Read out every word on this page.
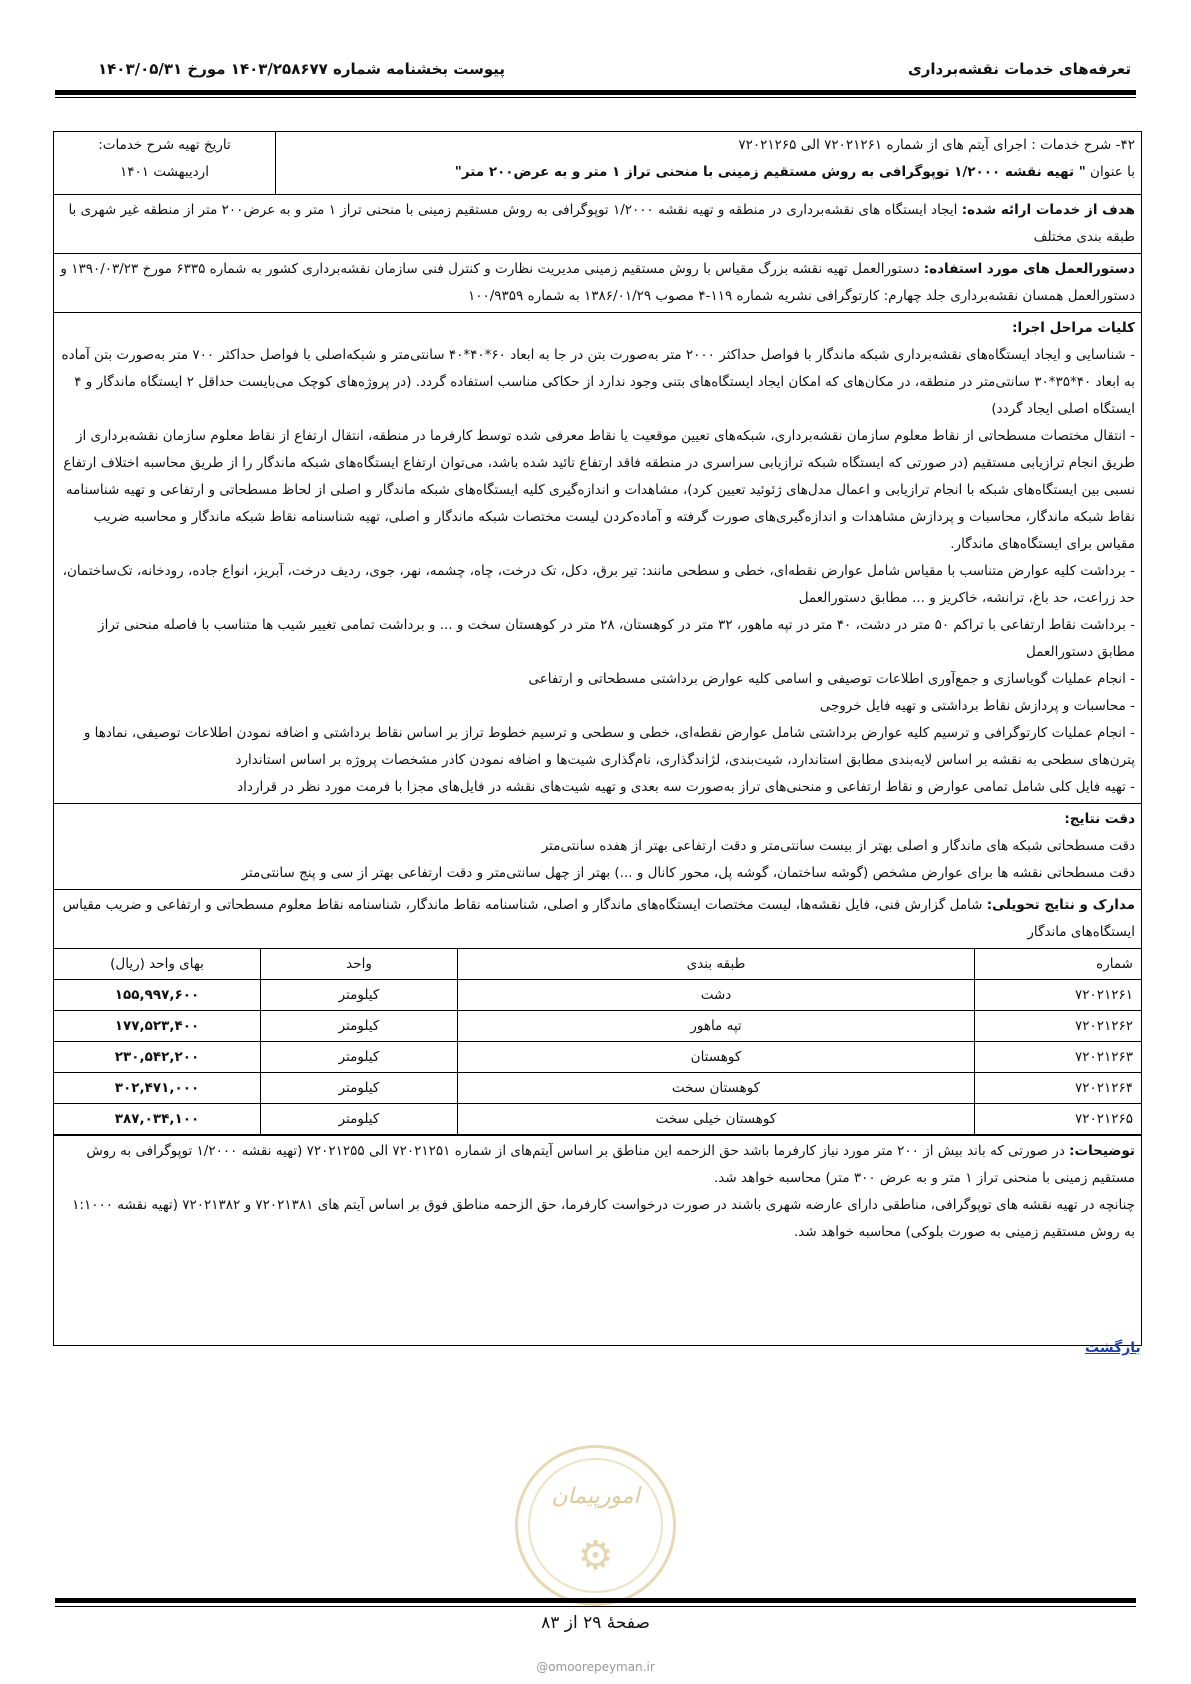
تعرفه‌های خدمات نقشه‌برداری
پیوست بخشنامه شماره ۱۴۰۳/۲۵۸۶۷۷ مورخ ۱۴۰۳/۰۵/۳۱
۴۲- شرح خدمات : اجرای آیتم های از شماره ۷۲۰۲۱۲۶۱ الی ۷۲۰۲۱۲۶۵
با عنوان " تهیه نقشه ۱/۲۰۰۰ توپوگرافی به روش مستقیم زمینی با منحنی تراز ۱ متر و به عرض۲۰۰ متر"
تاریخ تهیه شرح خدمات:
اردیبهشت ۱۴۰۱
هدف از خدمات ارائه شده: ایجاد ایستگاه های نقشه‌برداری در منطقه و تهیه نقشه ۱/۲۰۰۰ توپوگرافی به روش مستقیم زمینی با منحنی تراز ۱ متر و به عرض۲۰۰ متر از منطقه غیر شهری با طبقه بندی مختلف
دستورالعمل های مورد استفاده: دستورالعمل تهیه نقشه بزرگ مقیاس با روش مستقیم زمینی مدیریت نظارت و کنترل فنی سازمان نقشه‌برداری کشور به شماره ۶۳۳۵ مورخ ۱۳۹۰/۰۳/۲۳ و دستورالعمل همسان نقشه‌برداری جلد چهارم: کارتوگرافی نشریه شماره ۱۱۹-۴ مصوب ۱۳۸۶/۰۱/۲۹ به شماره ۱۰۰/۹۳۵۹
کلیات مراحل اجرا:
- شناسایی و ایجاد ایستگاه‌های نقشه‌برداری شبکه ماندگار با فواصل حداکثر ۲۰۰۰ متر به‌صورت بتن در جا به ابعاد ۶۰*۴۰*۴۰ سانتی‌متر و شبکه‌اصلی با فواصل حداکثر ۷۰۰ متر به‌صورت بتن آماده به ابعاد ۴۰*۳۵*۳۰ سانتی‌متر در منطقه، در مکان‌های که امکان ایجاد ایستگاه‌های بتنی وجود ندارد از حکاکی مناسب استفاده گردد. (در پروژه‌های کوچک می‌بایست حداقل ۲ ایستگاه ماندگار و ۴ ایستگاه اصلی ایجاد گردد)
- انتقال مختصات مسطحاتی از نقاط معلوم سازمان نقشه‌برداری، شبکه‌های تعیین موقعیت یا نقاط معرفی شده توسط کارفرما در منطقه، انتقال ارتفاع از نقاط معلوم سازمان نقشه‌برداری از طریق انجام ترازیابی مستقیم (در صورتی که ایستگاه شبکه ترازیابی سراسری در منطقه فاقد ارتفاع تائید شده باشد، می‌توان ارتفاع ایستگاه‌های شبکه ماندگار را از طریق محاسبه اختلاف ارتفاع نسبی بین ایستگاه‌های شبکه با انجام ترازیابی و اعمال مدل‌های ژئوئید تعیین کرد)، مشاهدات و اندازه‌گیری کلیه ایستگاه‌های شبکه ماندگار و اصلی از لحاظ مسطحاتی و ارتفاعی و تهیه شناسنامه نقاط شبکه ماندگار، محاسبات و پردازش مشاهدات و اندازه‌گیری‌های صورت گرفته و آماده‌کردن لیست مختصات شبکه ماندگار و اصلی، تهیه شناسنامه نقاط شبکه ماندگار و محاسبه ضریب مقیاس برای ایستگاه‌های ماندگار.
- برداشت کلیه عوارض متناسب با مقیاس شامل عوارض نقطه‌ای، خطی و سطحی مانند: تیر برق، دکل، تک درخت، چاه، چشمه، نهر، جوی، ردیف درخت، آبریز، انواع جاده، رودخانه، تک‌ساختمان، حد زراعت، حد باغ، ترانشه، خاکریز و ... مطابق دستورالعمل
- برداشت نقاط ارتفاعی با تراکم ۵۰ متر در دشت، ۴۰ متر در تپه ماهور، ۳۲ متر در کوهستان، ۲۸ متر در کوهستان سخت و ... و برداشت تمامی تغییر شیب ها متناسب با فاصله منحنی تراز مطابق دستورالعمل
- انجام عملیات گویاسازی و جمع‌آوری اطلاعات توصیفی و اسامی کلیه عوارض برداشتی مسطحاتی و ارتفاعی
- محاسبات و پردازش نقاط برداشتی و تهیه فایل خروجی
- انجام عملیات کارتوگرافی و ترسیم کلیه عوارض برداشتی شامل عوارض نقطه‌ای، خطی و سطحی و ترسیم خطوط تراز بر اساس نقاط برداشتی و اضافه نمودن اطلاعات توصیفی، نمادها و پترن‌های سطحی به نقشه بر اساس لایه‌بندی مطابق استاندارد، شیت‌بندی، لژاندگذاری، نام‌گذاری شیت‌ها و اضافه نمودن کادر مشخصات پروژه بر اساس استاندارد
- تهیه فایل کلی شامل تمامی عوارض و نقاط ارتفاعی و منحنی‌های تراز به‌صورت سه بعدی و تهیه شیت‌های نقشه در فایل‌های مجزا با فرمت مورد نظر در قرارداد
دقت نتایج:
دقت مسطحاتی شبکه های ماندگار و اصلی بهتر از بیست سانتی‌متر و دقت ارتفاعی بهتر از هفده سانتی‌متر
دقت مسطحاتی نقشه ها برای عوارض مشخص (گوشه ساختمان، گوشه پل، محور کانال و ...) بهتر از چهل سانتی‌متر و دقت ارتفاعی بهتر از سی و پنج سانتی‌متر
مدارک و نتایج تحویلی: شامل گزارش فنی، فایل نقشه‌ها، لیست مختصات ایستگاه‌های ماندگار و اصلی، شناسنامه نقاط ماندگار، شناسنامه نقاط معلوم مسطحاتی و ارتفاعی و ضریب مقیاس ایستگاه‌های ماندگار
شماره	طبقه بندی	واحد	بهای واحد (ریال)
۷۲۰۲۱۲۶۱	دشت	کیلومتر	۱۵۵,۹۹۷,۶۰۰
۷۲۰۲۱۲۶۲	تپه ماهور	کیلومتر	۱۷۷,۵۲۳,۴۰۰
۷۲۰۲۱۲۶۳	کوهستان	کیلومتر	۲۳۰,۵۴۲,۲۰۰
۷۲۰۲۱۲۶۴	کوهستان سخت	کیلومتر	۳۰۲,۴۷۱,۰۰۰
۷۲۰۲۱۲۶۵	کوهستان خیلی سخت	کیلومتر	۳۸۷,۰۳۴,۱۰۰
توضیحات: در صورتی که باند بیش از ۲۰۰ متر مورد نیاز کارفرما باشد حق الزحمه این مناطق بر اساس آیتم‌های از شماره ۷۲۰۲۱۲۵۱ الی ۷۲۰۲۱۲۵۵ (تهیه نقشه ۱/۲۰۰۰ توپوگرافی به روش مستقیم زمینی با منحنی تراز ۱ متر و به عرض ۳۰۰ متر) محاسبه خواهد شد.
چنانچه در تهیه نقشه های توپوگرافی، مناطقی دارای عارضه شهری باشند در صورت درخواست کارفرما، حق الزحمه مناطق فوق بر اساس آیتم های ۷۲۰۲۱۳۸۱ و ۷۲۰۲۱۳۸۲ (تهیه نقشه ۱:۱۰۰۰ به روش مستقیم زمینی به صورت بلوکی) محاسبه خواهد شد.
بازگشت
امورپیمان
⚙
صفحۀ ۲۹ از ۸۳
@omoorepeyman.ir
